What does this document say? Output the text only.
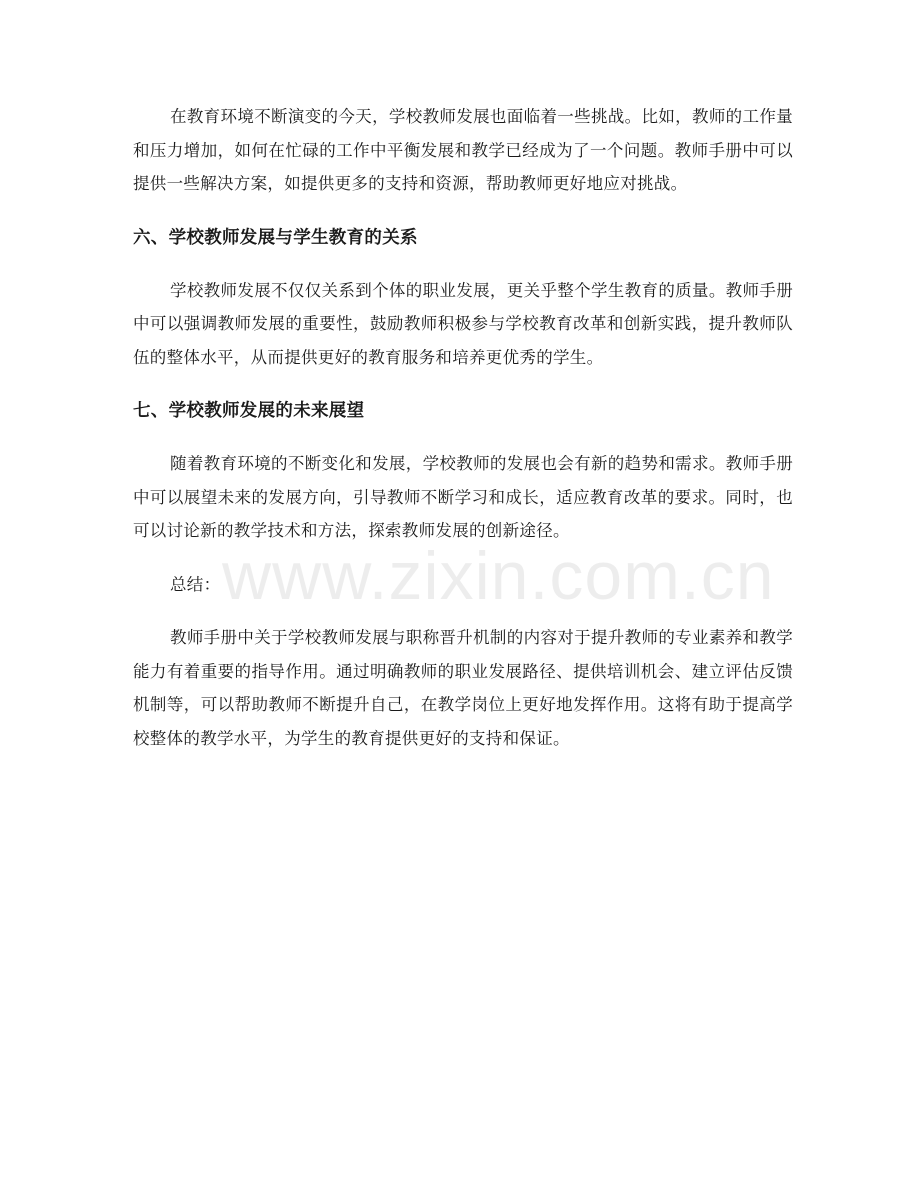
www.zixin.com.cn

在教育环境不断演变的今天，学校教师发展也面临着一些挑战。比如，教师的工作量和压力增加，如何在忙碌的工作中平衡发展和教学已经成为了一个问题。教师手册中可以提供一些解决方案，如提供更多的支持和资源，帮助教师更好地应对挑战。

六、学校教师发展与学生教育的关系

学校教师发展不仅仅关系到个体的职业发展，更关乎整个学生教育的质量。教师手册中可以强调教师发展的重要性，鼓励教师积极参与学校教育改革和创新实践，提升教师队伍的整体水平，从而提供更好的教育服务和培养更优秀的学生。

七、学校教师发展的未来展望

随着教育环境的不断变化和发展，学校教师的发展也会有新的趋势和需求。教师手册中可以展望未来的发展方向，引导教师不断学习和成长，适应教育改革的要求。同时，也可以讨论新的教学技术和方法，探索教师发展的创新途径。

总结：

教师手册中关于学校教师发展与职称晋升机制的内容对于提升教师的专业素养和教学能力有着重要的指导作用。通过明确教师的职业发展路径、提供培训机会、建立评估反馈机制等，可以帮助教师不断提升自己，在教学岗位上更好地发挥作用。这将有助于提高学校整体的教学水平，为学生的教育提供更好的支持和保证。
